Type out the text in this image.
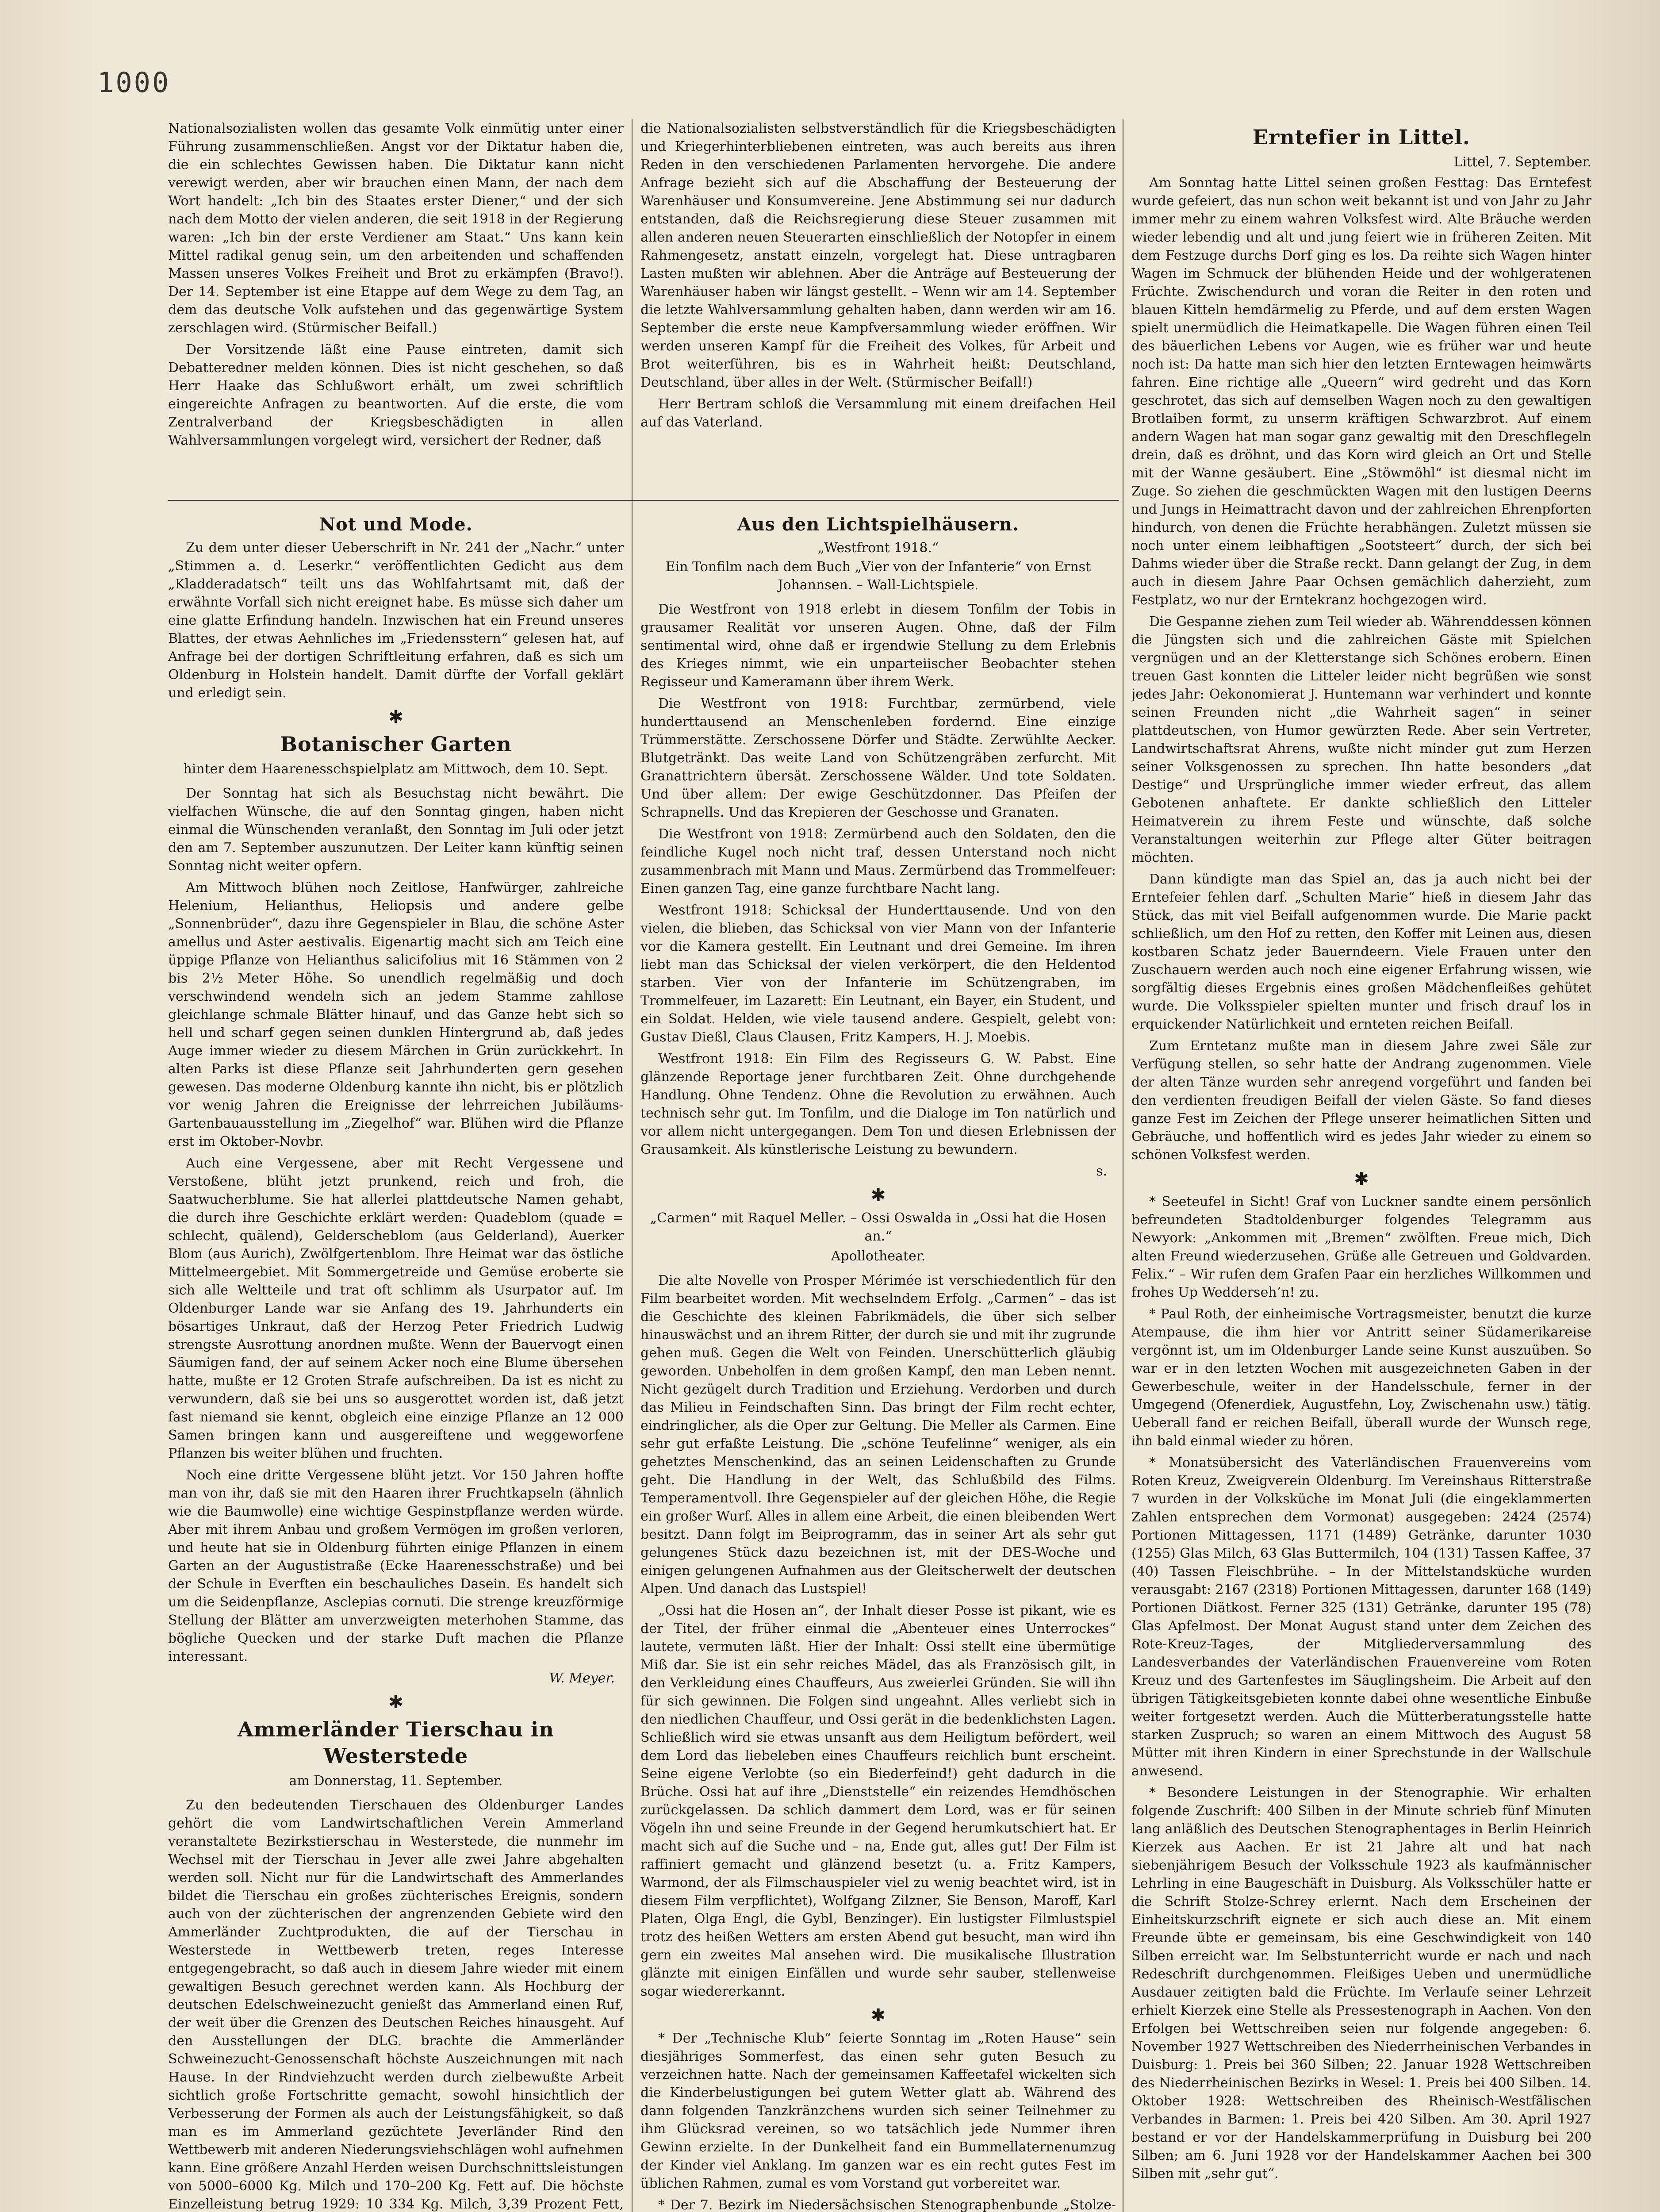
1000

Nationalsozialisten wollen das gesamte Volk einmütig unter einer Führung zusammenschließen. Angst vor der Diktatur haben die, die ein schlechtes Gewissen haben. Die Diktatur kann nicht verewigt werden, aber wir brauchen einen Mann, der nach dem Wort handelt: „Ich bin des Staates erster Diener,“ und der sich nach dem Motto der vielen anderen, die seit 1918 in der Regierung waren: „Ich bin der erste Verdiener am Staat.“ Uns kann kein Mittel radikal genug sein, um den arbeitenden und schaffenden Massen unseres Volkes Freiheit und Brot zu erkämpfen (Bravo!). Der 14. September ist eine Etappe auf dem Wege zu dem Tag, an dem das deutsche Volk aufstehen und das gegenwärtige System zerschlagen wird. (Stürmischer Beifall.)

Der Vorsitzende läßt eine Pause eintreten, damit sich Debatteredner melden können. Dies ist nicht geschehen, so daß Herr Haake das Schlußwort erhält, um zwei schriftlich eingereichte Anfragen zu beantworten. Auf die erste, die vom Zentralverband der Kriegsbeschädigten in allen Wahlversammlungen vorgelegt wird, versichert der Redner, daß

die Nationalsozialisten selbstverständlich für die Kriegsbeschädigten und Kriegerhinterbliebenen eintreten, was auch bereits aus ihren Reden in den verschiedenen Parlamenten hervorgehe. Die andere Anfrage bezieht sich auf die Abschaffung der Besteuerung der Warenhäuser und Konsumvereine. Jene Abstimmung sei nur dadurch entstanden, daß die Reichsregierung diese Steuer zusammen mit allen anderen neuen Steuerarten einschließlich der Notopfer in einem Rahmengesetz, anstatt einzeln, vorgelegt hat. Diese untragbaren Lasten mußten wir ablehnen. Aber die Anträge auf Besteuerung der Warenhäuser haben wir längst gestellt. – Wenn wir am 14. September die letzte Wahlversammlung gehalten haben, dann werden wir am 16. September die erste neue Kampfversammlung wieder eröffnen. Wir werden unseren Kampf für die Freiheit des Volkes, für Arbeit und Brot weiterführen, bis es in Wahrheit heißt: Deutschland, Deutschland, über alles in der Welt. (Stürmischer Beifall!)

Herr Bertram schloß die Versammlung mit einem dreifachen Heil auf das Vaterland.

Not und Mode.

Zu dem unter dieser Ueberschrift in Nr. 241 der „Nachr.“ unter „Stimmen a. d. Leserkr.“ veröffentlichten Gedicht aus dem „Kladderadatsch“ teilt uns das Wohlfahrtsamt mit, daß der erwähnte Vorfall sich nicht ereignet habe. Es müsse sich daher um eine glatte Erfindung handeln. Inzwischen hat ein Freund unseres Blattes, der etwas Aehnliches im „Friedensstern“ gelesen hat, auf Anfrage bei der dortigen Schriftleitung erfahren, daß es sich um Oldenburg in Holstein handelt. Damit dürfte der Vorfall geklärt und erledigt sein.

✱
Botanischer Garten
hinter dem Haarenesschspielplatz am Mittwoch, dem 10. Sept.

Der Sonntag hat sich als Besuchstag nicht bewährt. Die vielfachen Wünsche, die auf den Sonntag gingen, haben nicht einmal die Wünschenden veranlaßt, den Sonntag im Juli oder jetzt den am 7. September auszunutzen. Der Leiter kann künftig seinen Sonntag nicht weiter opfern.

Am Mittwoch blühen noch Zeitlose, Hanfwürger, zahlreiche Helenium, Helianthus, Heliopsis und andere gelbe „Sonnenbrüder“, dazu ihre Gegenspieler in Blau, die schöne Aster amellus und Aster aestivalis. Eigenartig macht sich am Teich eine üppige Pflanze von Helianthus salicifolius mit 16 Stämmen von 2 bis 2½ Meter Höhe. So unendlich regelmäßig und doch verschwindend wendeln sich an jedem Stamme zahllose gleichlange schmale Blätter hinauf, und das Ganze hebt sich so hell und scharf gegen seinen dunklen Hintergrund ab, daß jedes Auge immer wieder zu diesem Märchen in Grün zurückkehrt. In alten Parks ist diese Pflanze seit Jahrhunderten gern gesehen gewesen. Das moderne Oldenburg kannte ihn nicht, bis er plötzlich vor wenig Jahren die Ereignisse der lehrreichen Jubiläums-Gartenbauausstellung im „Ziegelhof“ war. Blühen wird die Pflanze erst im Oktober-Novbr.

Auch eine Vergessene, aber mit Recht Vergessene und Verstoßene, blüht jetzt prunkend, reich und froh, die Saatwucherblume. Sie hat allerlei plattdeutsche Namen gehabt, die durch ihre Geschichte erklärt werden: Quadeblom (quade = schlecht, quälend), Gelderscheblom (aus Gelderland), Auerker Blom (aus Aurich), Zwölfgertenblom. Ihre Heimat war das östliche Mittelmeergebiet. Mit Sommergetreide und Gemüse eroberte sie sich alle Weltteile und trat oft schlimm als Usurpator auf. Im Oldenburger Lande war sie Anfang des 19. Jahrhunderts ein bösartiges Unkraut, daß der Herzog Peter Friedrich Ludwig strengste Ausrottung anordnen mußte. Wenn der Bauervogt einen Säumigen fand, der auf seinem Acker noch eine Blume übersehen hatte, mußte er 12 Groten Strafe aufschreiben. Da ist es nicht zu verwundern, daß sie bei uns so ausgerottet worden ist, daß jetzt fast niemand sie kennt, obgleich eine einzige Pflanze an 12 000 Samen bringen kann und ausgereiftene und weggeworfene Pflanzen bis weiter blühen und fruchten.

Noch eine dritte Vergessene blüht jetzt. Vor 150 Jahren hoffte man von ihr, daß sie mit den Haaren ihrer Fruchtkapseln (ähnlich wie die Baumwolle) eine wichtige Gespinstpflanze werden würde. Aber mit ihrem Anbau und großem Vermögen im großen verloren, und heute hat sie in Oldenburg führten einige Pflanzen in einem Garten an der Augustistraße (Ecke Haarenesschstraße) und bei der Schule in Everften ein beschauliches Dasein. Es handelt sich um die Seidenpflanze, Asclepias cornuti. Die strenge kreuzförmige Stellung der Blätter am unverzweigten meterhohen Stamme, das bögliche Quecken und der starke Duft machen die Pflanze interessant.

W. Meyer.
✱
Ammerländer Tierschau in Westerstede
am Donnerstag, 11. September.

Zu den bedeutenden Tierschauen des Oldenburger Landes gehört die vom Landwirtschaftlichen Verein Ammerland veranstaltete Bezirkstierschau in Westerstede, die nunmehr im Wechsel mit der Tierschau in Jever alle zwei Jahre abgehalten werden soll. Nicht nur für die Landwirtschaft des Ammerlandes bildet die Tierschau ein großes züchterisches Ereignis, sondern auch von der züchterischen der angrenzenden Gebiete wird den Ammerländer Zuchtprodukten, die auf der Tierschau in Westerstede in Wettbewerb treten, reges Interesse entgegengebracht, so daß auch in diesem Jahre wieder mit einem gewaltigen Besuch gerechnet werden kann. Als Hochburg der deutschen Edelschweinezucht genießt das Ammerland einen Ruf, der weit über die Grenzen des Deutschen Reiches hinausgeht. Auf den Ausstellungen der DLG. brachte die Ammerländer Schweinezucht-Genossenschaft höchste Auszeichnungen mit nach Hause. In der Rindviehzucht werden durch zielbewußte Arbeit sichtlich große Fortschritte gemacht, sowohl hinsichtlich der Verbesserung der Formen als auch der Leistungsfähigkeit, so daß man es im Ammerland gezüchtete Jeverländer Rind den Wettbewerb mit anderen Niederungsviehschlägen wohl aufnehmen kann. Eine größere Anzahl Herden weisen Durchschnittsleistungen von 5000–6000 Kg. Milch und 170–200 Kg. Fett auf. Die höchste Einzelleistung betrug 1929: 10 334 Kg. Milch, 3,39 Prozent Fett,

Aus den Lichtspielhäusern.
„Westfront 1918.“
Ein Tonfilm nach dem Buch „Vier von der Infanterie“ von Ernst Johannsen. – Wall-Lichtspiele.

Die Westfront von 1918 erlebt in diesem Tonfilm der Tobis in grausamer Realität vor unseren Augen. Ohne, daß der Film sentimental wird, ohne daß er irgendwie Stellung zu dem Erlebnis des Krieges nimmt, wie ein unparteiischer Beobachter stehen Regisseur und Kameramann über ihrem Werk.

Die Westfront von 1918: Furchtbar, zermürbend, viele hunderttausend an Menschenleben fordernd. Eine einzige Trümmerstätte. Zerschossene Dörfer und Städte. Zerwühlte Aecker. Blutgetränkt. Das weite Land von Schützengräben zerfurcht. Mit Granattrichtern übersät. Zerschossene Wälder. Und tote Soldaten. Und über allem: Der ewige Geschützdonner. Das Pfeifen der Schrapnells. Und das Krepieren der Geschosse und Granaten.

Die Westfront von 1918: Zermürbend auch den Soldaten, den die feindliche Kugel noch nicht traf, dessen Unterstand noch nicht zusammenbrach mit Mann und Maus. Zermürbend das Trommelfeuer: Einen ganzen Tag, eine ganze furchtbare Nacht lang.

Westfront 1918: Schicksal der Hunderttausende. Und von den vielen, die blieben, das Schicksal von vier Mann von der Infanterie vor die Kamera gestellt. Ein Leutnant und drei Gemeine. Im ihren liebt man das Schicksal der vielen verkörpert, die den Heldentod starben. Vier von der Infanterie im Schützengraben, im Trommelfeuer, im Lazarett: Ein Leutnant, ein Bayer, ein Student, und ein Soldat. Helden, wie viele tausend andere. Gespielt, gelebt von: Gustav Dießl, Claus Clausen, Fritz Kampers, H. J. Moebis.

Westfront 1918: Ein Film des Regisseurs G. W. Pabst. Eine glänzende Reportage jener furchtbaren Zeit. Ohne durchgehende Handlung. Ohne Tendenz. Ohne die Revolution zu erwähnen. Auch technisch sehr gut. Im Tonfilm, und die Dialoge im Ton natürlich und vor allem nicht untergegangen. Dem Ton und diesen Erlebnissen der Grausamkeit. Als künstlerische Leistung zu bewundern.

s.
✱
„Carmen“ mit Raquel Meller. – Ossi Oswalda in „Ossi hat die Hosen an.“
Apollotheater.

Die alte Novelle von Prosper Mérimée ist verschiedentlich für den Film bearbeitet worden. Mit wechselndem Erfolg. „Carmen“ – das ist die Geschichte des kleinen Fabrikmädels, die über sich selber hinauswächst und an ihrem Ritter, der durch sie und mit ihr zugrunde gehen muß. Gegen die Welt von Feinden. Unerschütterlich gläubig geworden. Unbeholfen in dem großen Kampf, den man Leben nennt. Nicht gezügelt durch Tradition und Erziehung. Verdorben und durch das Milieu in Feindschaften Sinn. Das bringt der Film recht echter, eindringlicher, als die Oper zur Geltung. Die Meller als Carmen. Eine sehr gut erfaßte Leistung. Die „schöne Teufelinne“ weniger, als ein gehetztes Menschenkind, das an seinen Leidenschaften zu Grunde geht. Die Handlung in der Welt, das Schlußbild des Films. Temperamentvoll. Ihre Gegenspieler auf der gleichen Höhe, die Regie ein großer Wurf. Alles in allem eine Arbeit, die einen bleibenden Wert besitzt. Dann folgt im Beiprogramm, das in seiner Art als sehr gut gelungenes Stück dazu bezeichnen ist, mit der DES-Woche und einigen gelungenen Aufnahmen aus der Gleitscherwelt der deutschen Alpen. Und danach das Lustspiel!

„Ossi hat die Hosen an“, der Inhalt dieser Posse ist pikant, wie es der Titel, der früher einmal die „Abenteuer eines Unterrockes“ lautete, vermuten läßt. Hier der Inhalt: Ossi stellt eine übermütige Miß dar. Sie ist ein sehr reiches Mädel, das als Französisch gilt, in den Verkleidung eines Chauffeurs, Aus zweierlei Gründen. Sie will ihn für sich gewinnen. Die Folgen sind ungeahnt. Alles verliebt sich in den niedlichen Chauffeur, und Ossi gerät in die bedenklichsten Lagen. Schließlich wird sie etwas unsanft aus dem Heiligtum befördert, weil dem Lord das liebeleben eines Chauffeurs reichlich bunt erscheint. Seine eigene Verlobte (so ein Biederfeind!) geht dadurch in die Brüche. Ossi hat auf ihre „Dienststelle“ ein reizendes Hemdhöschen zurückgelassen. Da schlich dammert dem Lord, was er für seinen Vögeln ihn und seine Freunde in der Gegend herumkutschiert hat. Er macht sich auf die Suche und – na, Ende gut, alles gut! Der Film ist raffiniert gemacht und glänzend besetzt (u. a. Fritz Kampers, Warmond, der als Filmschauspieler viel zu wenig beachtet wird, ist in diesem Film verpflichtet), Wolfgang Zilzner, Sie Benson, Maroff, Karl Platen, Olga Engl, die Gybl, Benzinger). Ein lustigster Filmlustspiel trotz des heißen Wetters am ersten Abend gut besucht, man wird ihn gern ein zweites Mal ansehen wird. Die musikalische Illustration glänzte mit einigen Einfällen und wurde sehr sauber, stellenweise sogar wiedererkannt.

✱

* Der „Technische Klub“ feierte Sonntag im „Roten Hause“ sein diesjähriges Sommerfest, das einen sehr guten Besuch zu verzeichnen hatte. Nach der gemeinsamen Kaffeetafel wickelten sich die Kinderbelustigungen bei gutem Wetter glatt ab. Während des dann folgenden Tanzkränzchens wurden sich seiner Teilnehmer zu ihm Glücksrad vereinen, so wo tatsächlich jede Nummer ihren Gewinn erzielte. In der Dunkelheit fand ein Bummellaternenumzug der Kinder viel Anklang. Im ganzen war es ein recht gutes Fest im üblichen Rahmen, zumal es vom Vorstand gut vorbereitet war.

* Der 7. Bezirk im Niedersächsischen Stenographenbunde „Stolze-

Erntefier in Littel.
Littel, 7. September.

Am Sonntag hatte Littel seinen großen Festtag: Das Erntefest wurde gefeiert, das nun schon weit bekannt ist und von Jahr zu Jahr immer mehr zu einem wahren Volksfest wird. Alte Bräuche werden wieder lebendig und alt und jung feiert wie in früheren Zeiten. Mit dem Festzuge durchs Dorf ging es los. Da reihte sich Wagen hinter Wagen im Schmuck der blühenden Heide und der wohlgeratenen Früchte. Zwischendurch und voran die Reiter in den roten und blauen Kitteln hemdärmelig zu Pferde, und auf dem ersten Wagen spielt unermüdlich die Heimatkapelle. Die Wagen führen einen Teil des bäuerlichen Lebens vor Augen, wie es früher war und heute noch ist: Da hatte man sich hier den letzten Erntewagen heimwärts fahren. Eine richtige alle „Queern“ wird gedreht und das Korn geschrotet, das sich auf demselben Wagen noch zu den gewaltigen Brotlaiben formt, zu unserm kräftigen Schwarzbrot. Auf einem andern Wagen hat man sogar ganz gewaltig mit den Dreschflegeln drein, daß es dröhnt, und das Korn wird gleich an Ort und Stelle mit der Wanne gesäubert. Eine „Stöwmöhl“ ist diesmal nicht im Zuge. So ziehen die geschmückten Wagen mit den lustigen Deerns und Jungs in Heimattracht davon und der zahlreichen Ehrenpforten hindurch, von denen die Früchte herabhängen. Zuletzt müssen sie noch unter einem leibhaftigen „Sootsteert“ durch, der sich bei Dahms wieder über die Straße reckt. Dann gelangt der Zug, in dem auch in diesem Jahre Paar Ochsen gemächlich daherzieht, zum Festplatz, wo nur der Erntekranz hochgezogen wird.

Die Gespanne ziehen zum Teil wieder ab. Währenddessen können die Jüngsten sich und die zahlreichen Gäste mit Spielchen vergnügen und an der Kletterstange sich Schönes erobern. Einen treuen Gast konnten die Litteler leider nicht begrüßen wie sonst jedes Jahr: Oekonomierat J. Huntemann war verhindert und konnte seinen Freunden nicht „die Wahrheit sagen“ in seiner plattdeutschen, von Humor gewürzten Rede. Aber sein Vertreter, Landwirtschaftsrat Ahrens, wußte nicht minder gut zum Herzen seiner Volksgenossen zu sprechen. Ihn hatte besonders „dat Destige“ und Ursprüngliche immer wieder erfreut, das allem Gebotenen anhaftete. Er dankte schließlich den Litteler Heimatverein zu ihrem Feste und wünschte, daß solche Veranstaltungen weiterhin zur Pflege alter Güter beitragen möchten.

Dann kündigte man das Spiel an, das ja auch nicht bei der Erntefeier fehlen darf. „Schulten Marie“ hieß in diesem Jahr das Stück, das mit viel Beifall aufgenommen wurde. Die Marie packt schließlich, um den Hof zu retten, den Koffer mit Leinen aus, diesen kostbaren Schatz jeder Bauerndeern. Viele Frauen unter den Zuschauern werden auch noch eine eigener Erfahrung wissen, wie sorgfältig dieses Ergebnis eines großen Mädchenfleißes gehütet wurde. Die Volksspieler spielten munter und frisch drauf los in erquickender Natürlichkeit und ernteten reichen Beifall.

Zum Erntetanz mußte man in diesem Jahre zwei Säle zur Verfügung stellen, so sehr hatte der Andrang zugenommen. Viele der alten Tänze wurden sehr anregend vorgeführt und fanden bei den verdienten freudigen Beifall der vielen Gäste. So fand dieses ganze Fest im Zeichen der Pflege unserer heimatlichen Sitten und Gebräuche, und hoffentlich wird es jedes Jahr wieder zu einem so schönen Volksfest werden.

✱

* Seeteufel in Sicht! Graf von Luckner sandte einem persönlich befreundeten Stadtoldenburger folgendes Telegramm aus Newyork: „Ankommen mit „Bremen“ zwölften. Freue mich, Dich alten Freund wiederzusehen. Grüße alle Getreuen und Goldvarden. Felix.“ – Wir rufen dem Grafen Paar ein herzliches Willkommen und frohes Up Wedderseh’n! zu.

* Paul Roth, der einheimische Vortragsmeister, benutzt die kurze Atempause, die ihm hier vor Antritt seiner Südamerikareise vergönnt ist, um im Oldenburger Lande seine Kunst auszuüben. So war er in den letzten Wochen mit ausgezeichneten Gaben in der Gewerbeschule, weiter in der Handelsschule, ferner in der Umgegend (Ofenerdiek, Augustfehn, Loy, Zwischenahn usw.) tätig. Ueberall fand er reichen Beifall, überall wurde der Wunsch rege, ihn bald einmal wieder zu hören.

* Monatsübersicht des Vaterländischen Frauenvereins vom Roten Kreuz, Zweigverein Oldenburg. Im Vereinshaus Ritterstraße 7 wurden in der Volksküche im Monat Juli (die eingeklammerten Zahlen entsprechen dem Vormonat) ausgegeben: 2424 (2574) Portionen Mittagessen, 1171 (1489) Getränke, darunter 1030 (1255) Glas Milch, 63 Glas Buttermilch, 104 (131) Tassen Kaffee, 37 (40) Tassen Fleischbrühe. – In der Mittelstandsküche wurden verausgabt: 2167 (2318) Portionen Mittagessen, darunter 168 (149) Portionen Diätkost. Ferner 325 (131) Getränke, darunter 195 (78) Glas Apfelmost. Der Monat August stand unter dem Zeichen des Rote-Kreuz-Tages, der Mitgliederversammlung des Landesverbandes der Vaterländischen Frauenvereine vom Roten Kreuz und des Gartenfestes im Säuglingsheim. Die Arbeit auf den übrigen Tätigkeitsgebieten konnte dabei ohne wesentliche Einbuße weiter fortgesetzt werden. Auch die Mütterberatungsstelle hatte starken Zuspruch; so waren an einem Mittwoch des August 58 Mütter mit ihren Kindern in einer Sprechstunde in der Wallschule anwesend.

* Besondere Leistungen in der Stenographie. Wir erhalten folgende Zuschrift: 400 Silben in der Minute schrieb fünf Minuten lang anläßlich des Deutschen Stenographentages in Berlin Heinrich Kierzek aus Aachen. Er ist 21 Jahre alt und hat nach siebenjährigem Besuch der Volksschule 1923 als kaufmännischer Lehrling in eine Baugeschäft in Duisburg. Als Volksschüler hatte er die Schrift Stolze-Schrey erlernt. Nach dem Erscheinen der Einheitskurzschrift eignete er sich auch diese an. Mit einem Freunde übte er gemeinsam, bis eine Geschwindigkeit von 140 Silben erreicht war. Im Selbstunterricht wurde er nach und nach Redeschrift durchgenommen. Fleißiges Ueben und unermüdliche Ausdauer zeitigten bald die Früchte. Im Verlaufe seiner Lehrzeit erhielt Kierzek eine Stelle als Pressestenograph in Aachen. Von den Erfolgen bei Wettschreiben seien nur folgende angegeben: 6. November 1927 Wettschreiben des Niederrheinischen Verbandes in Duisburg: 1. Preis bei 360 Silben; 22. Januar 1928 Wettschreiben des Niederrheinischen Bezirks in Wesel: 1. Preis bei 400 Silben. 14. Oktober 1928: Wettschreiben des Rheinisch-Westfälischen Verbandes in Barmen: 1. Preis bei 420 Silben. Am 30. April 1927 bestand er vor der Handelskammerprüfung in Duisburg bei 200 Silben; am 6. Juni 1928 vor der Handelskammer Aachen bei 300 Silben mit „sehr gut“.
